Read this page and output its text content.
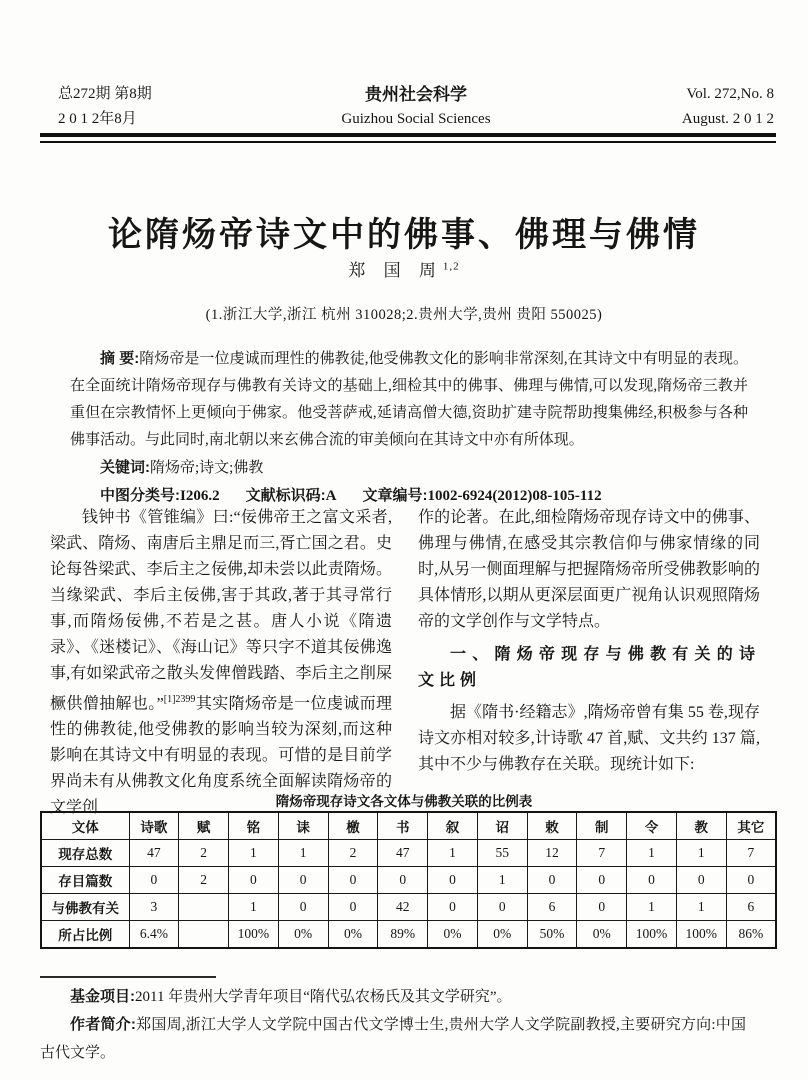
总272期 第8期
2 0 1 2年8月
贵州社会科学
Guizhou Social Sciences
Vol. 272,No. 8
August. 2 0 1 2
论隋炀帝诗文中的佛事、佛理与佛情
郑 国 周$^{1,2}$
(1.浙江大学,浙江 杭州 310028;2.贵州大学,贵州 贵阳 550025)

摘 要:隋炀帝是一位虔诚而理性的佛教徒,他受佛教文化的影响非常深刻,在其诗文中有明显的表现。在全面统计隋炀帝现存与佛教有关诗文的基础上,细检其中的佛事、佛理与佛情,可以发现,隋炀帝三教并重但在宗教情怀上更倾向于佛家。他受菩萨戒,延请高僧大德,资助扩建寺院帮助搜集佛经,积极参与各种佛事活动。与此同时,南北朝以来玄佛合流的审美倾向在其诗文中亦有所体现。

关键词:隋炀帝;诗文;佛教

中图分类号:I206.2 文献标识码:A 文章编号:1002-6924(2012)08-105-112

钱钟书《管锥编》曰:“佞佛帝王之富文采者,梁武、隋炀、南唐后主鼎足而三,胥亡国之君。史论每咎梁武、李后主之佞佛,却未尝以此责隋炀。当缘梁武、李后主佞佛,害于其政,著于其寻常行事,而隋炀佞佛,不若是之甚。唐人小说《隋遗录》、《迷楼记》、《海山记》等只字不道其佞佛逸事,有如梁武帝之散头发俾僧践踏、李后主之削屎橛供僧抽解也。”$^{[1]2399}$其实隋炀帝是一位虔诚而理性的佛教徒,他受佛教的影响当较为深刻,而这种影响在其诗文中有明显的表现。可惜的是目前学界尚未有从佛教文化角度系统全面解读隋炀帝的文学创

作的论著。在此,细检隋炀帝现存诗文中的佛事、佛理与佛情,在感受其宗教信仰与佛家情缘的同时,从另一侧面理解与把握隋炀帝所受佛教影响的具体情形,以期从更深层面更广视角认识观照隋炀帝的文学创作与文学特点。

一、隋炀帝现存与佛教有关的诗文比例

据《隋书·经籍志》,隋炀帝曾有集 55 卷,现存诗文亦相对较多,计诗歌 47 首,赋、文共约 137 篇,其中不少与佛教存在关联。现统计如下:

隋炀帝现存诗文各文体与佛教关联的比例表
文体	诗歌	赋	铭	诔	檄	书	叙	诏	敕	制	令	教	其它
现存总数	47	2	1	1	2	47	1	55	12	7	1	1	7
存目篇数	0	2	0	0	0	0	0	1	0	0	0	0	0
与佛教有关	3		1	0	0	42	0	0	6	0	1	1	6
所占比例	6.4%		100%	0%	0%	89%	0%	0%	50%	0%	100%	100%	86%

基金项目:2011 年贵州大学青年项目“隋代弘农杨氏及其文学研究”。

作者简介:郑国周,浙江大学人文学院中国古代文学博士生,贵州大学人文学院副教授,主要研究方向:中国古代文学。
